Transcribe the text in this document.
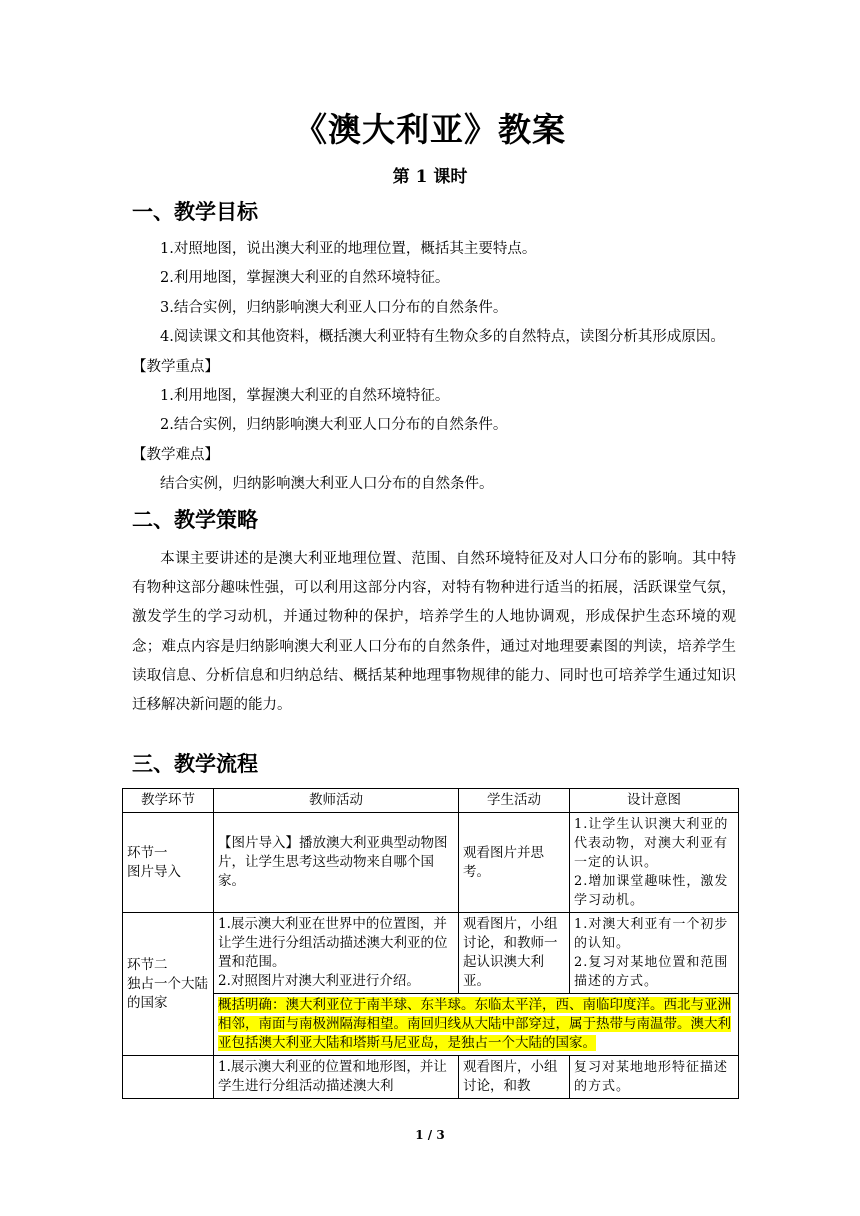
《澳大利亚》教案
第 1 课时
一、教学目标
1.对照地图，说出澳大利亚的地理位置，概括其主要特点。
2.利用地图，掌握澳大利亚的自然环境特征。
3.结合实例，归纳影响澳大利亚人口分布的自然条件。
4.阅读课文和其他资料，概括澳大利亚特有生物众多的自然特点，读图分析其形成原因。
【教学重点】
1.利用地图，掌握澳大利亚的自然环境特征。
2.结合实例，归纳影响澳大利亚人口分布的自然条件。
【教学难点】
结合实例，归纳影响澳大利亚人口分布的自然条件。
二、教学策略
本课主要讲述的是澳大利亚地理位置、范围、自然环境特征及对人口分布的影响。其中特有物种这部分趣味性强，可以利用这部分内容，对特有物种进行适当的拓展，活跃课堂气氛，激发学生的学习动机，并通过物种的保护，培养学生的人地协调观，形成保护生态环境的观念；难点内容是归纳影响澳大利亚人口分布的自然条件，通过对地理要素图的判读，培养学生读取信息、分析信息和归纳总结、概括某种地理事物规律的能力、同时也可培养学生通过知识迁移解决新问题的能力。
三、教学流程
教学环节	教师活动	学生活动	设计意图
环节一
图片导入	【图片导入】播放澳大利亚典型动物图片，让学生思考这些动物来自哪个国家。	观看图片并思考。	1.让学生认识澳大利亚的代表动物，对澳大利亚有一定的认识。
2.增加课堂趣味性，激发学习动机。
环节二
独占一个大陆的国家	1.展示澳大利亚在世界中的位置图，并让学生进行分组活动描述澳大利亚的位置和范围。
2.对照图片对澳大利亚进行介绍。	观看图片，小组讨论，和教师一起认识澳大利亚。	1.对澳大利亚有一个初步的认知。
2.复习对某地位置和范围描述的方式。
	概括明确：澳大利亚位于南半球、东半球。东临太平洋，西、南临印度洋。西北与亚洲相邻，南面与南极洲隔海相望。南回归线从大陆中部穿过，属于热带与南温带。澳大利亚包括澳大利亚大陆和塔斯马尼亚岛，是独占一个大陆的国家。		
	1.展示澳大利亚的位置和地形图，并让学生进行分组活动描述澳大利	观看图片，小组讨论，和教	复习对某地地形特征描述的方式。
1 / 3
